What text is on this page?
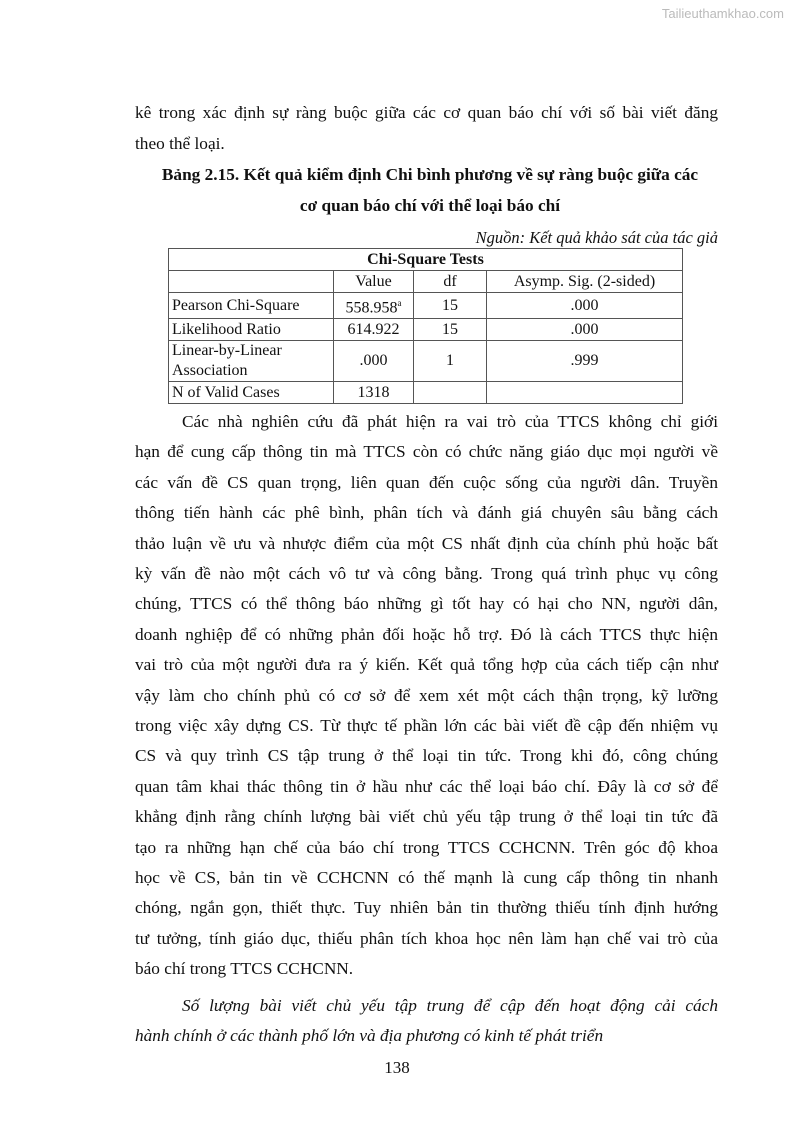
Tailieuthamkhao.com
kê trong xác định sự ràng buộc giữa các cơ quan báo chí với số bài viết đăng
theo thể loại.
Bảng 2.15. Kết quả kiểm định Chi bình phương về sự ràng buộc giữa các
cơ quan báo chí với thể loại báo chí
Nguồn: Kết quả khảo sát của tác giả
Chi-Square Tests			
	Value	df	Asymp. Sig. (2-sided)
Pearson Chi-Square	558.958$^a$	15	.000
Likelihood Ratio	614.922	15	.000
Linear-by-Linear Association	.000	1	.999
N of Valid Cases	1318		
Các nhà nghiên cứu đã phát hiện ra vai trò của TTCS không chỉ giới
hạn để cung cấp thông tin mà TTCS còn có chức năng giáo dục mọi người về
các vấn đề CS quan trọng, liên quan đến cuộc sống của người dân. Truyền
thông tiến hành các phê bình, phân tích và đánh giá chuyên sâu bằng cách
thảo luận về ưu và nhược điểm của một CS nhất định của chính phủ hoặc bất
kỳ vấn đề nào một cách vô tư và công bằng. Trong quá trình phục vụ công
chúng, TTCS có thể thông báo những gì tốt hay có hại cho NN, người dân,
doanh nghiệp để có những phản đối hoặc hỗ trợ. Đó là cách TTCS thực hiện
vai trò của một người đưa ra ý kiến. Kết quả tổng hợp của cách tiếp cận như
vậy làm cho chính phủ có cơ sở để xem xét một cách thận trọng, kỹ lưỡng
trong việc xây dựng CS. Từ thực tế phần lớn các bài viết đề cập đến nhiệm vụ
CS và quy trình CS tập trung ở thể loại tin tức. Trong khi đó, công chúng
quan tâm khai thác thông tin ở hầu như các thể loại báo chí. Đây là cơ sở để
khẳng định rằng chính lượng bài viết chủ yếu tập trung ở thể loại tin tức đã
tạo ra những hạn chế của báo chí trong TTCS CCHCNN. Trên góc độ khoa
học về CS, bản tin về CCHCNN có thế mạnh là cung cấp thông tin nhanh
chóng, ngắn gọn, thiết thực. Tuy nhiên bản tin thường thiếu tính định hướng
tư tưởng, tính giáo dục, thiếu phân tích khoa học nên làm hạn chế vai trò của
báo chí trong TTCS CCHCNN.
Số lượng bài viết chủ yếu tập trung để cập đến hoạt động cải cách
hành chính ở các thành phố lớn và địa phương có kinh tế phát triển
138
